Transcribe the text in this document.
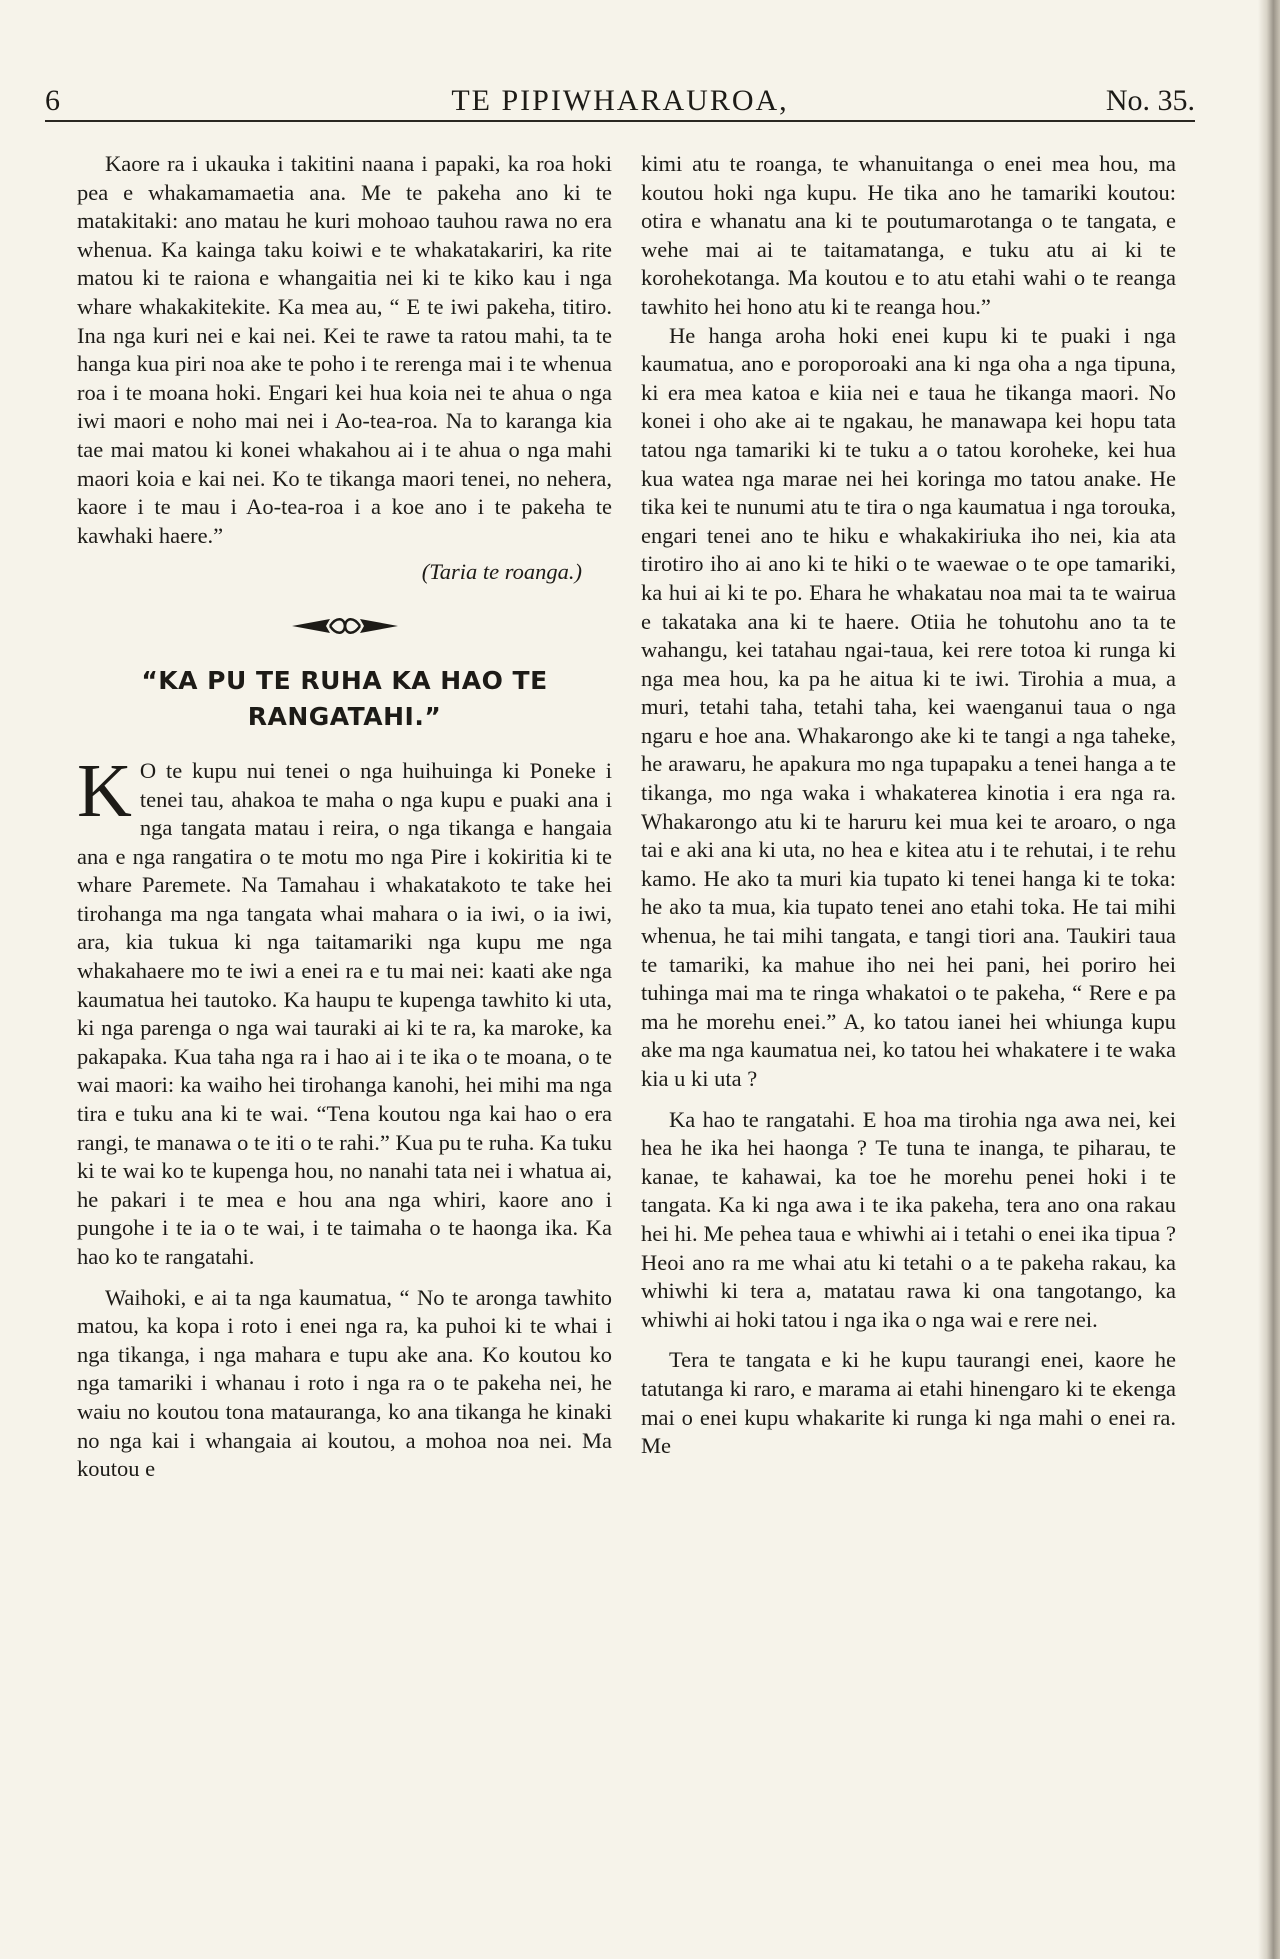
TE PIPIWHARAUROA,
6	No. 35.

Kaore ra i ukauka i takitini naana i papaki, ka roa hoki pea e whakamamaetia ana. Me te pakeha ano ki te matakitaki: ano matau he kuri mohoao tauhou rawa no era whenua. Ka kainga taku koiwi e te whakatakariri, ka rite matou ki te raiona e whangaitia nei ki te kiko kau i nga whare whakakitekite. Ka mea au, “ E te iwi pakeha, titiro. Ina nga kuri nei e kai nei. Kei te rawe ta ratou mahi, ta te hanga kua piri noa ake te poho i te rerenga mai i te whenua roa i te moana hoki. Engari kei hua koia nei te ahua o nga iwi maori e noho mai nei i Ao-tea-roa. Na to karanga kia tae mai matou ki konei whakahou ai i te ahua o nga mahi maori koia e kai nei. Ko te tikanga maori tenei, no nehera, kaore i te mau i Ao-tea-roa i a koe ano i te pakeha te kawhaki haere.”

(Taria te roanga.)
“KA PU TE RUHA KA HAO TE RANGATAHI.”

K O te kupu nui tenei o nga huihuinga ki Poneke i tenei tau, ahakoa te maha o nga kupu e puaki ana i nga tangata matau i reira, o nga tikanga e hangaia ana e nga rangatira o te motu mo nga Pire i kokiritia ki te whare Paremete. Na Tamahau i whakatakoto te take hei tirohanga ma nga tangata whai mahara o ia iwi, o ia iwi, ara, kia tukua ki nga taitamariki nga kupu me nga whakahaere mo te iwi a enei ra e tu mai nei: kaati ake nga kaumatua hei tautoko. Ka haupu te kupenga tawhito ki uta, ki nga parenga o nga wai tauraki ai ki te ra, ka maroke, ka pakapaka. Kua taha nga ra i hao ai i te ika o te moana, o te wai maori: ka waiho hei tirohanga kanohi, hei mihi ma nga tira e tuku ana ki te wai. “Tena koutou nga kai hao o era rangi, te manawa o te iti o te rahi.” Kua pu te ruha. Ka tuku ki te wai ko te kupenga hou, no nanahi tata nei i whatua ai, he pakari i te mea e hou ana nga whiri, kaore ano i pungohe i te ia o te wai, i te taimaha o te haonga ika. Ka hao ko te rangatahi.

Waihoki, e ai ta nga kaumatua, “ No te aronga tawhito matou, ka kopa i roto i enei nga ra, ka puhoi ki te whai i nga tikanga, i nga mahara e tupu ake ana. Ko koutou ko nga tamariki i whanau i roto i nga ra o te pakeha nei, he waiu no koutou tona matauranga, ko ana tikanga he kinaki no nga kai i whangaia ai koutou, a mohoa noa nei. Ma koutou e

kimi atu te roanga, te whanuitanga o enei mea hou, ma koutou hoki nga kupu. He tika ano he tamariki koutou: otira e whanatu ana ki te poutumarotanga o te tangata, e wehe mai ai te taitamatanga, e tuku atu ai ki te korohekotanga. Ma koutou e to atu etahi wahi o te reanga tawhito hei hono atu ki te reanga hou.”

He hanga aroha hoki enei kupu ki te puaki i nga kaumatua, ano e poroporoaki ana ki nga oha a nga tipuna, ki era mea katoa e kiia nei e taua he tikanga maori. No konei i oho ake ai te ngakau, he manawapa kei hopu tata tatou nga tamariki ki te tuku a o tatou koroheke, kei hua kua watea nga marae nei hei koringa mo tatou anake. He tika kei te nunumi atu te tira o nga kaumatua i nga torouka, engari tenei ano te hiku e whakakiriuka iho nei, kia ata tirotiro iho ai ano ki te hiki o te waewae o te ope tamariki, ka hui ai ki te po. Ehara he whakatau noa mai ta te wairua e takataka ana ki te haere. Otiia he tohutohu ano ta te wahangu, kei tatahau ngai-taua, kei rere totoa ki runga ki nga mea hou, ka pa he aitua ki te iwi. Tirohia a mua, a muri, tetahi taha, tetahi taha, kei waenganui taua o nga ngaru e hoe ana. Whakarongo ake ki te tangi a nga taheke, he arawaru, he apakura mo nga tupapaku a tenei hanga a te tikanga, mo nga waka i whakaterea kinotia i era nga ra. Whakarongo atu ki te haruru kei mua kei te aroaro, o nga tai e aki ana ki uta, no hea e kitea atu i te rehutai, i te rehu kamo. He ako ta muri kia tupato ki tenei hanga ki te toka: he ako ta mua, kia tupato tenei ano etahi toka. He tai mihi whenua, he tai mihi tangata, e tangi tiori ana. Taukiri taua te tamariki, ka mahue iho nei hei pani, hei poriro hei tuhinga mai ma te ringa whakatoi o te pakeha, “ Rere e pa ma he morehu enei.” A, ko tatou ianei hei whiunga kupu ake ma nga kaumatua nei, ko tatou hei whakatere i te waka kia u ki uta ?

Ka hao te rangatahi. E hoa ma tirohia nga awa nei, kei hea he ika hei haonga ? Te tuna te inanga, te piharau, te kanae, te kahawai, ka toe he morehu penei hoki i te tangata. Ka ki nga awa i te ika pakeha, tera ano ona rakau hei hi. Me pehea taua e whiwhi ai i tetahi o enei ika tipua ? Heoi ano ra me whai atu ki tetahi o a te pakeha rakau, ka whiwhi ki tera a, matatau rawa ki ona tangotango, ka whiwhi ai hoki tatou i nga ika o nga wai e rere nei.

Tera te tangata e ki he kupu taurangi enei, kaore he tatutanga ki raro, e marama ai etahi hinengaro ki te ekenga mai o enei kupu whakarite ki runga ki nga mahi o enei ra. Me
